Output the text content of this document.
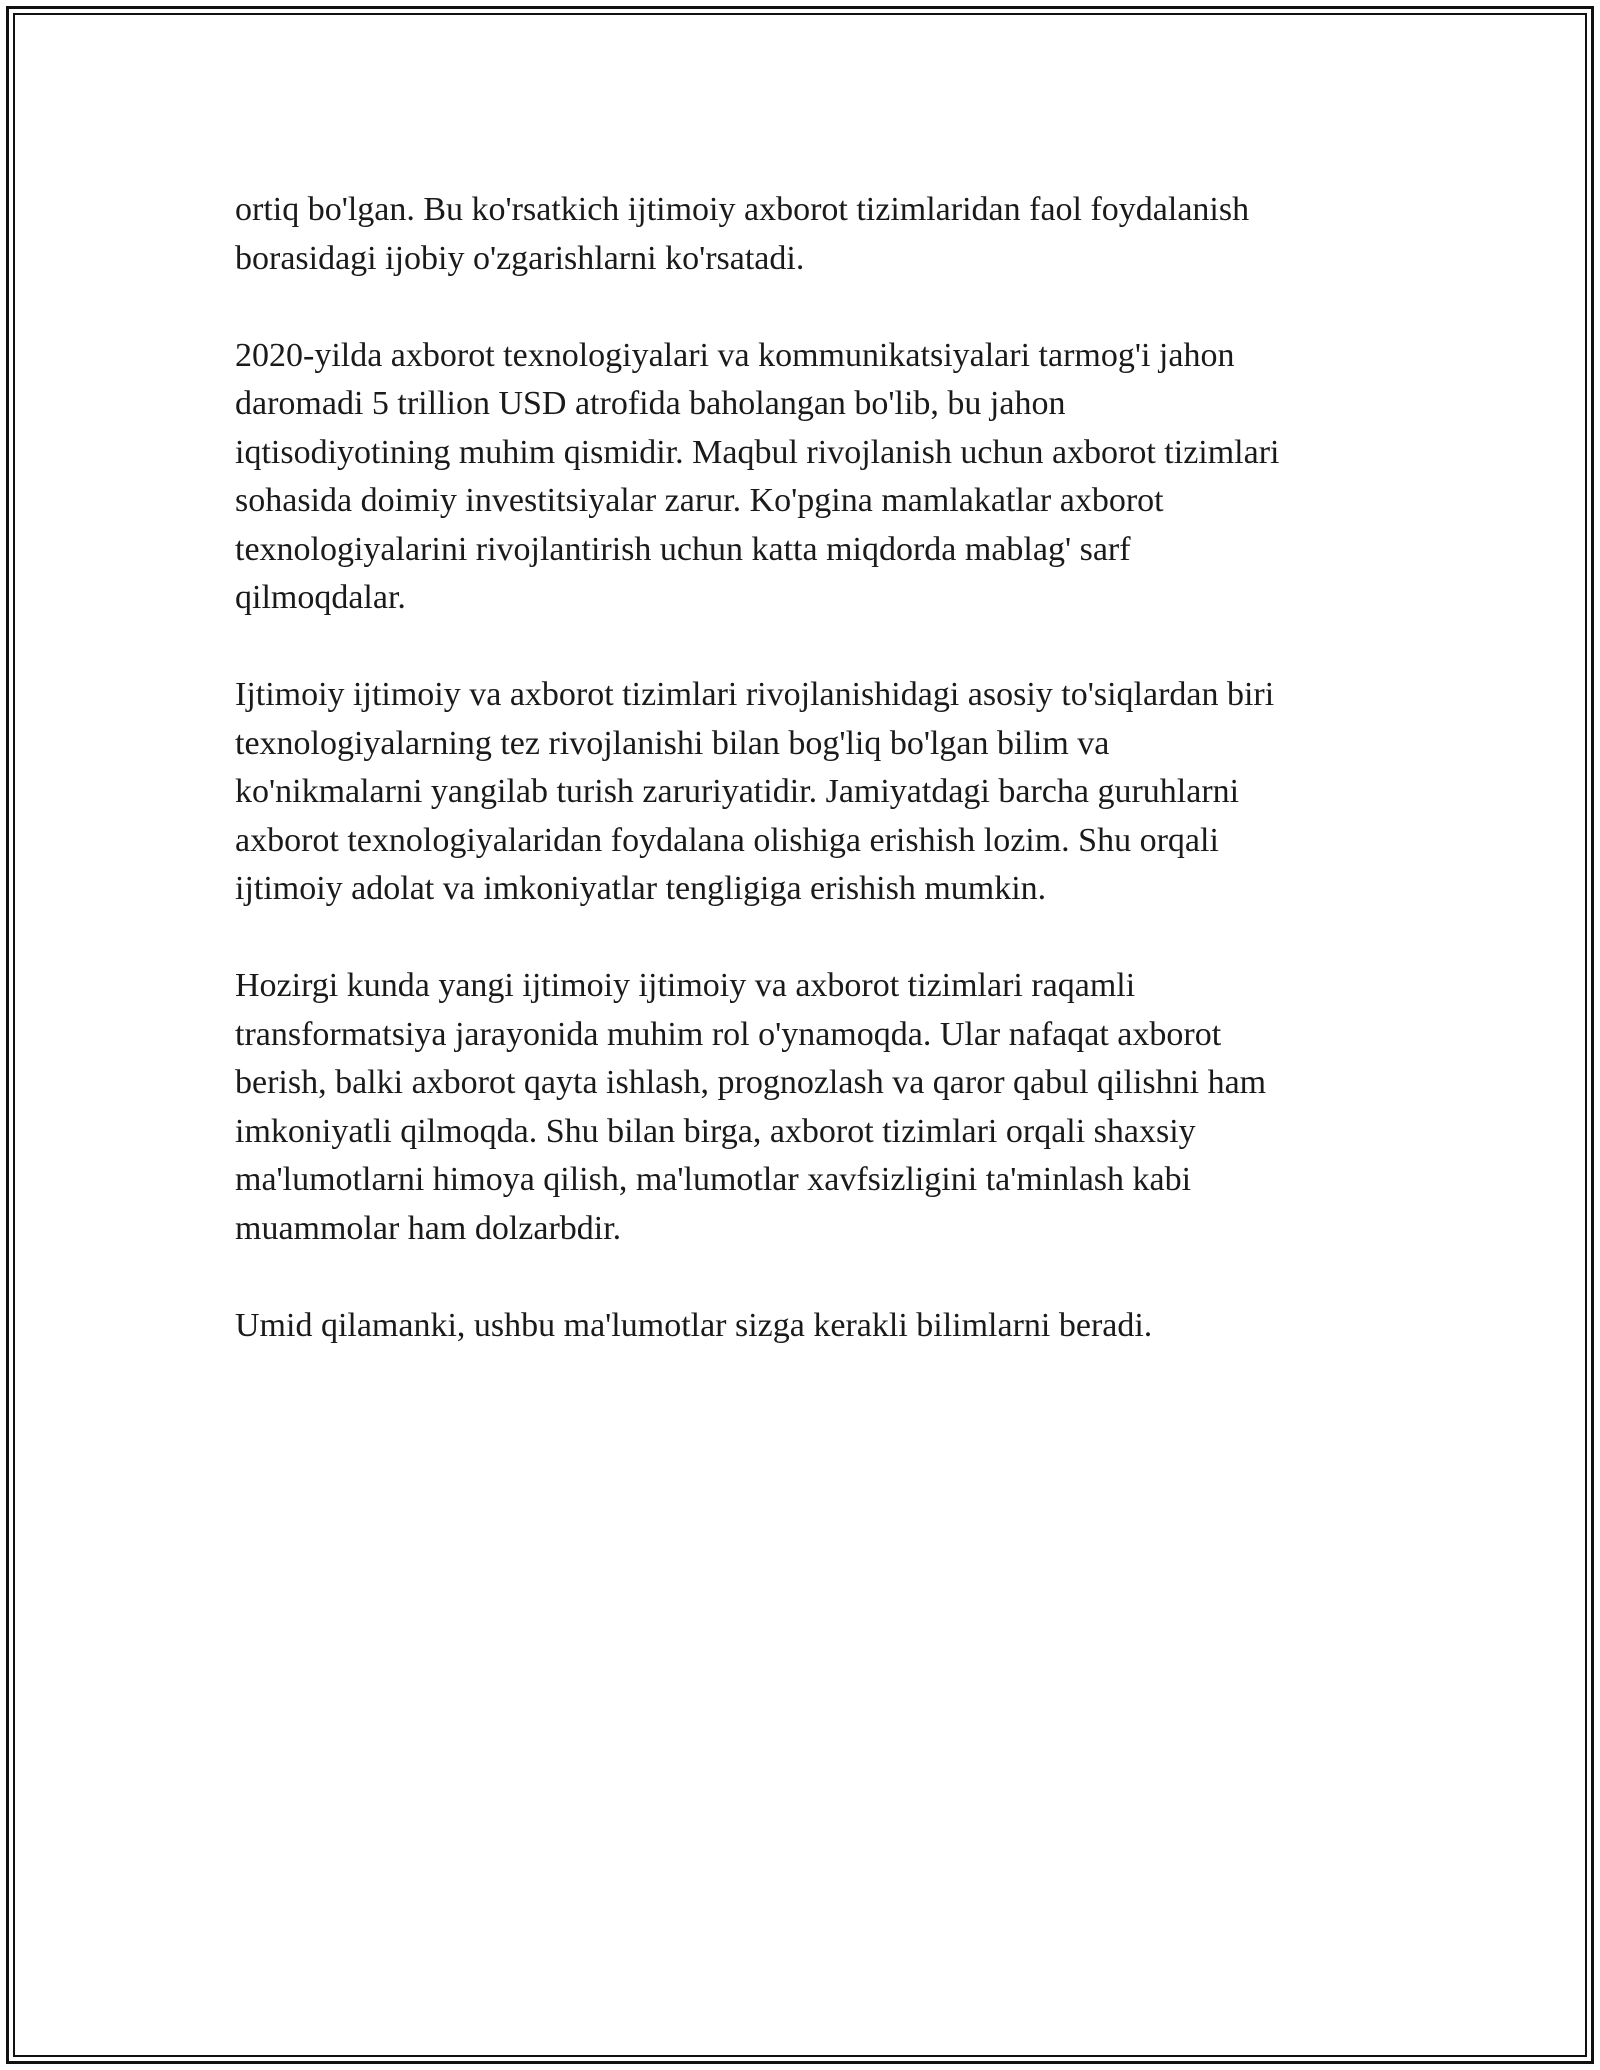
ortiq bo'lgan. Bu ko'rsatkich ijtimoiy axborot tizimlaridan faol foydalanish
borasidagi ijobiy o'zgarishlarni ko'rsatadi.

2020-yilda axborot texnologiyalari va kommunikatsiyalari tarmog'i jahon
daromadi 5 trillion USD atrofida baholangan bo'lib, bu jahon
iqtisodiyotining muhim qismidir. Maqbul rivojlanish uchun axborot tizimlari
sohasida doimiy investitsiyalar zarur. Ko'pgina mamlakatlar axborot
texnologiyalarini rivojlantirish uchun katta miqdorda mablag' sarf
qilmoqdalar.

Ijtimoiy ijtimoiy va axborot tizimlari rivojlanishidagi asosiy to'siqlardan biri
texnologiyalarning tez rivojlanishi bilan bog'liq bo'lgan bilim va
ko'nikmalarni yangilab turish zaruriyatidir. Jamiyatdagi barcha guruhlarni
axborot texnologiyalaridan foydalana olishiga erishish lozim. Shu orqali
ijtimoiy adolat va imkoniyatlar tengligiga erishish mumkin.

Hozirgi kunda yangi ijtimoiy ijtimoiy va axborot tizimlari raqamli
transformatsiya jarayonida muhim rol o'ynamoqda. Ular nafaqat axborot
berish, balki axborot qayta ishlash, prognozlash va qaror qabul qilishni ham
imkoniyatli qilmoqda. Shu bilan birga, axborot tizimlari orqali shaxsiy
ma'lumotlarni himoya qilish, ma'lumotlar xavfsizligini ta'minlash kabi
muammolar ham dolzarbdir.

Umid qilamanki, ushbu ma'lumotlar sizga kerakli bilimlarni beradi.
